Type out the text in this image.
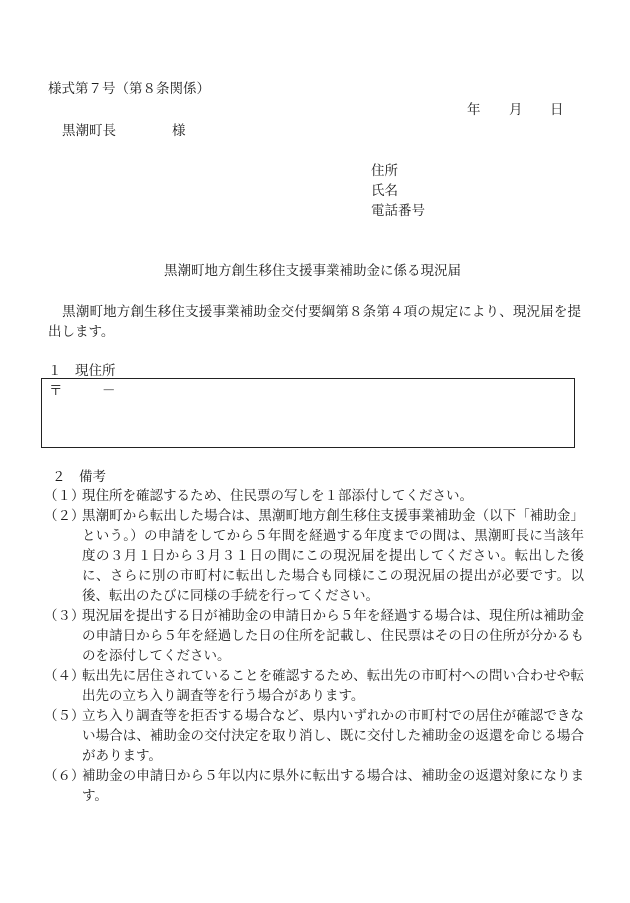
様式第７号（第８条関係）
年 月 日
黒潮町長	様
住所
氏名
電話番号
黒潮町地方創生移住支援事業補助金に係る現況届
黒潮町地方創生移住支援事業補助金交付要綱第８条第４項の規定により、現況届を提出します。
１　現住所
〒	－
２　備考
（１）
現住所を確認するため、住民票の写しを１部添付してください。
（２）
黒潮町から転出した場合は、黒潮町地方創生移住支援事業補助金（以下「補助金」という。）の申請をしてから５年間を経過する年度までの間は、黒潮町長に当該年度の３月１日から３月３１日の間にこの現況届を提出してください。転出した後に、さらに別の市町村に転出した場合も同様にこの現況届の提出が必要です。以後、転出のたびに同様の手続を行ってください。
（３）
現況届を提出する日が補助金の申請日から５年を経過する場合は、現住所は補助金の申請日から５年を経過した日の住所を記載し、住民票はその日の住所が分かるものを添付してください。
（４）
転出先に居住されていることを確認するため、転出先の市町村への問い合わせや転出先の立ち入り調査等を行う場合があります。
（５）
立ち入り調査等を拒否する場合など、県内いずれかの市町村での居住が確認できない場合は、補助金の交付決定を取り消し、既に交付した補助金の返還を命じる場合があります。
（６）
補助金の申請日から５年以内に県外に転出する場合は、補助金の返還対象になります。
